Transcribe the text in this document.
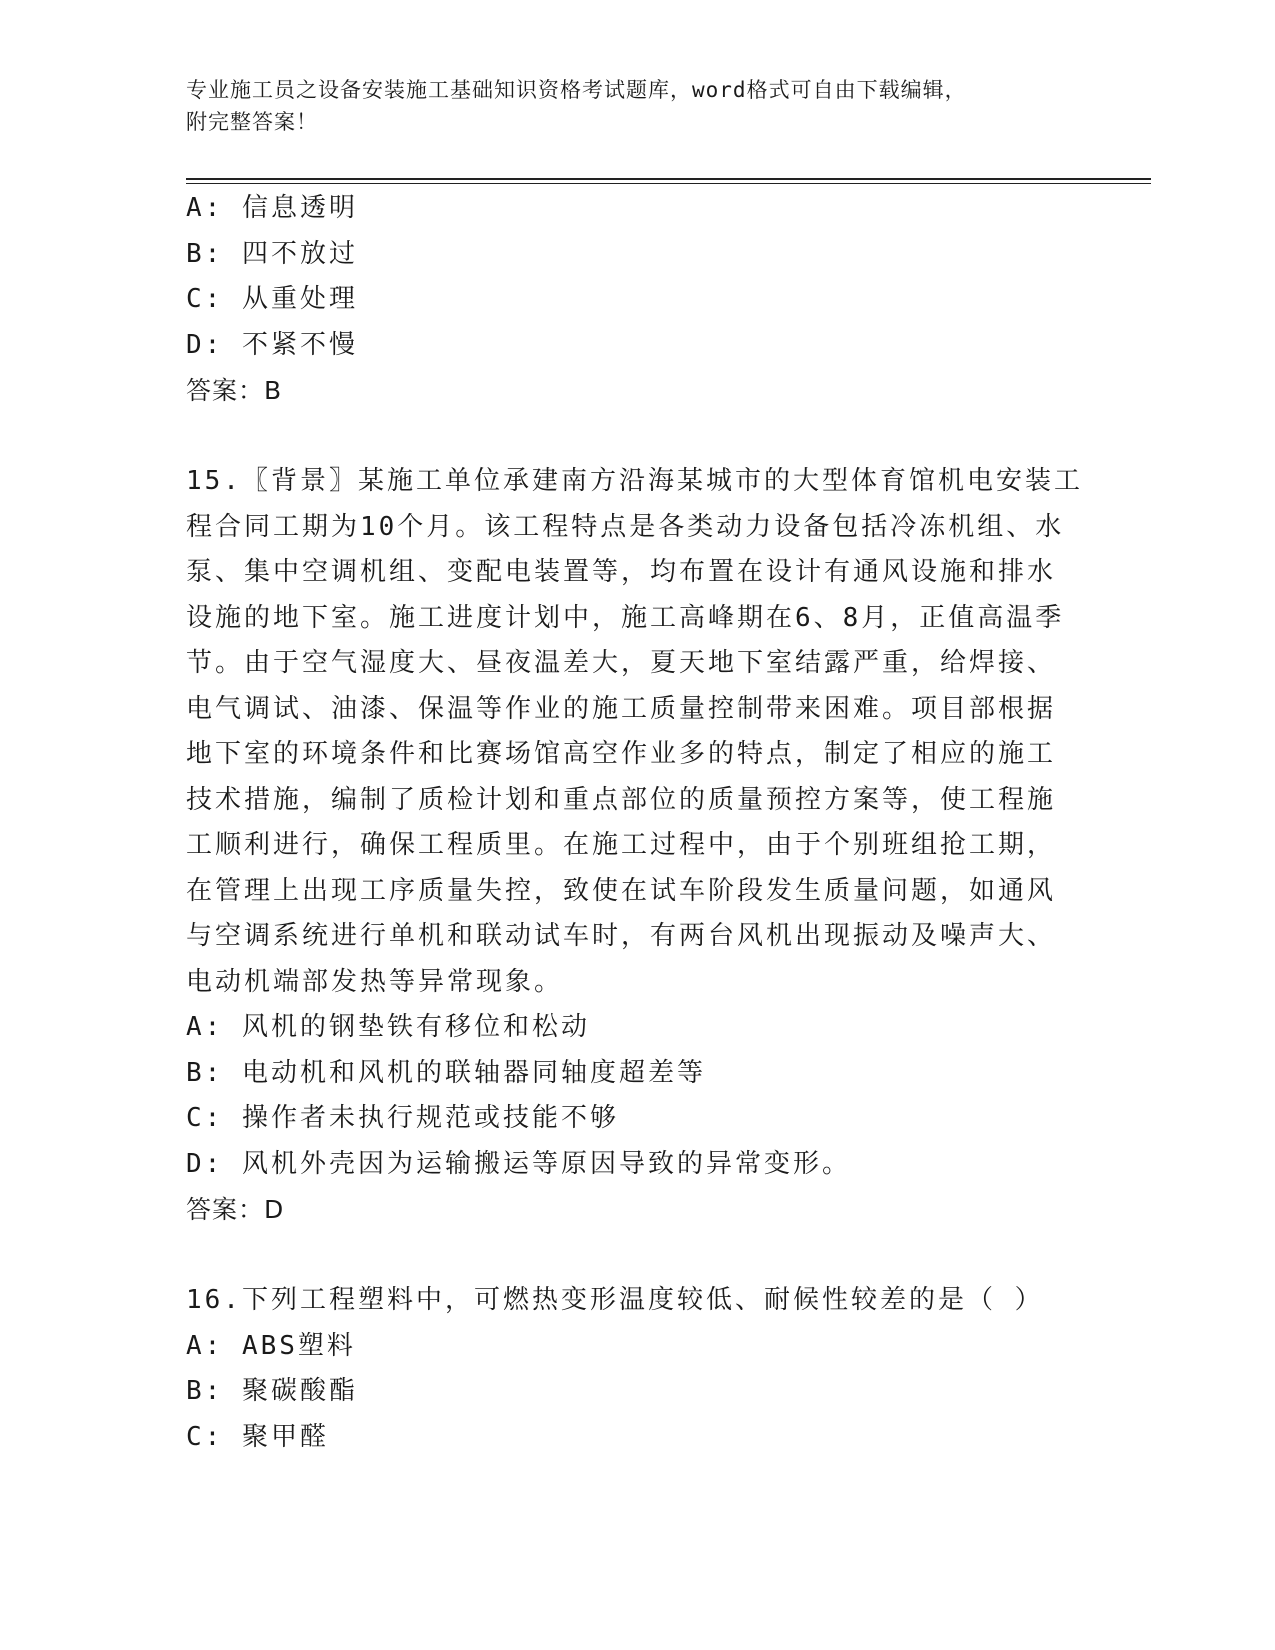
专业施工员之设备安装施工基础知识资格考试题库，word格式可自由下载编辑，
附完整答案！
A: 信息透明
B: 四不放过
C: 从重处理
D: 不紧不慢
答案：B
15.〖背景〗某施工单位承建南方沿海某城市的大型体育馆机电安装工
程合同工期为10个月。该工程特点是各类动力设备包括冷冻机组、水
泵、集中空调机组、变配电装置等，均布置在设计有通风设施和排水
设施的地下室。施工进度计划中，施工高峰期在6、8月，正值高温季
节。由于空气湿度大、昼夜温差大，夏天地下室结露严重，给焊接、
电气调试、油漆、保温等作业的施工质量控制带来困难。项目部根据
地下室的环境条件和比赛场馆高空作业多的特点，制定了相应的施工
技术措施，编制了质检计划和重点部位的质量预控方案等，使工程施
工顺利进行，确保工程质里。在施工过程中，由于个别班组抢工期，
在管理上出现工序质量失控，致使在试车阶段发生质量问题，如通风
与空调系统进行单机和联动试车时，有两台风机出现振动及噪声大、
电动机端部发热等异常现象。
A: 风机的钢垫铁有移位和松动
B: 电动机和风机的联轴器同轴度超差等
C: 操作者未执行规范或技能不够
D: 风机外壳因为运输搬运等原因导致的异常变形。
答案：D
16.下列工程塑料中，可燃热变形温度较低、耐候性较差的是（ ）
A: ABS塑料
B: 聚碳酸酯
C: 聚甲醛
